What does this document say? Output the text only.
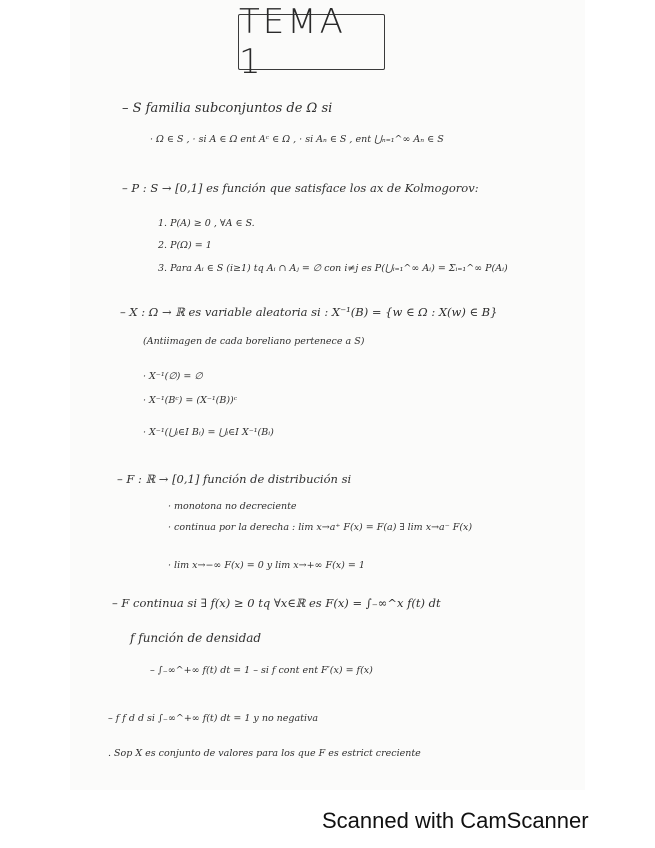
TEMA 1
– S familia subconjuntos de Ω si
· Ω ∈ S , · si A ∈ Ω ent Aᶜ ∈ Ω , · si Aₙ ∈ S , ent ⋃ₙ₌₁^∞ Aₙ ∈ S
– P : S → [0,1] es función que satisface los ax de Kolmogorov:
1. P(A) ≥ 0 , ∀A ∈ S.
2. P(Ω) = 1
3. Para Aᵢ ∈ S (i≥1) tq Aᵢ ∩ Aⱼ = ∅ con i≠j es P(⋃ᵢ₌₁^∞ Aᵢ) = Σᵢ₌₁^∞ P(Aᵢ)
– X : Ω → ℝ es variable aleatoria si : X⁻¹(B) = {w ∈ Ω : X(w) ∈ B}
(Antiimagen de cada boreliano pertenece a S)
· X⁻¹(∅) = ∅
· X⁻¹(Bᶜ) = (X⁻¹(B))ᶜ
· X⁻¹(⋃ᵢ∈I Bᵢ) = ⋃ᵢ∈I X⁻¹(Bᵢ)
– F : ℝ → [0,1] función de distribución si
· monotona no decreciente
· continua por la derecha : lim x→a⁺ F(x) = F(a) ∃ lim x→a⁻ F(x)
· lim x→−∞ F(x) = 0 y lim x→+∞ F(x) = 1
– F continua si ∃ f(x) ≥ 0 tq ∀x∈ℝ es F(x) = ∫₋∞^x f(t) dt
f función de densidad
– ∫₋∞^+∞ f(t) dt = 1 – si f cont ent F′(x) = f(x)
– f f d d si ∫₋∞^+∞ f(t) dt = 1 y no negativa
. Sop X es conjunto de valores para los que F es estrict creciente
Scanned with CamScanner
